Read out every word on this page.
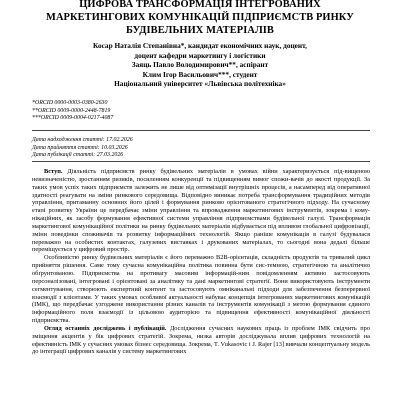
ЦИФРОВА ТРАНСФОРМАЦІЯ ІНТЕГРОВАНИХ
МАРКЕТИНГОВИХ КОМУНІКАЦІЙ ПІДПРИЄМСТВ РИНКУ
БУДІВЕЛЬНИХ МАТЕРІАЛІВ
Косар Наталія Степанівна*, кандидат економічних наук, доцент,
доцент кафедри маркетингу і логістики
Заяць Павло Володимирович**, аспірант
Клим Ігор Васильович***, студент
Національний університет «Львівська політехніка»
*ORCID 0000-0003-0380-2630
**ORCID 0009-0000-2448-7819
***ORCID 0009-0004-0217-4087
Дата надходження статті: 17.02.2026
Дата прийняття статті: 10.03.2026
Дата публікації статті: 27.03.2026

Вступ. Діяльність підприємств ринку будівельних матеріалів в умовах війни характеризується під-вищеною невизначеністю, зростанням ризиків, посиленням конкуренції та підвищенням вимог спожи-вачів до якості продукції. За таких умов успіх таких підприємств залежить не лише від оптимізації внутрішніх процесів, а насамперед від оперативної здатності реагувати на зміни ринкового середовища. Відповідно виникає потреба трансформування традиційних методів управління, притаманну основних його цілей і формування ринково орієнтованого стратегічного підходу. На сучасному етапі розвитку України це передбачає зміни управління та впровадження маркетингових інструментів, зокрема і кому-нікаційних, як засобу формування ефективної системи управління підприємствами будівельної галузі. Трансформація маркетингової комунікаційної політики на ринку будівельних матеріалів відбувається під впливом глобальної цифровізації, зміни поведінки споживачів та розвитку інформаційних технологій. Якщо раніше комунікація в галузі будувалася переважно на особистих контактах, галузевих виставках і друкованих матеріалах, то сьогодні вона дедалі більше переміщується у цифровий простір.

Особливістю ринку будівельних матеріалів є його переважно B2B-орієнтація, складність продуктів та тривалий цикл прийняття рішення. Саме тому сучасна комунікаційна політика повинна бути сис-темною, стратегічною та аналітично обґрунтованою. Підприємства на противагу масовим інформацій-ним повідомленням активно застосовують персоналізовані, інтегровані і орієнтовані за аналітику та дані маркетингові стратегії. Вони використовують інструменти сегментування, створюють експертний контент та застосовують омніканальні підходи для забезпечення безперервної взаємодії з клієнтами. У таких умовах особливої актуальності набуває концепція інтегрованих маркетингових комунікацій (ІМК), що передбачає узгоджене використання різних каналів та інструментів комунікації з метою формування єдиного інформаційного поля взаємодії із цільовою аудиторією та підвищення ефективності комунікаційної діяльності підприємства.

Огляд останніх досліджень і публікацій. Дослідження сучасних наукових праць із проблем ІМК свідчить про зміщення акцентів у бік цифрових стратегій. Зокрема, низка авторів досліджувала вплив цифрових технологій на ефективність ІМК у сучасних умовах бізнес середовища. Зокрема, T. Vukasovic і J. Rajer [13] вивчали концептуальну модель до інтеграції цифрових каналів у систему маркетингових
